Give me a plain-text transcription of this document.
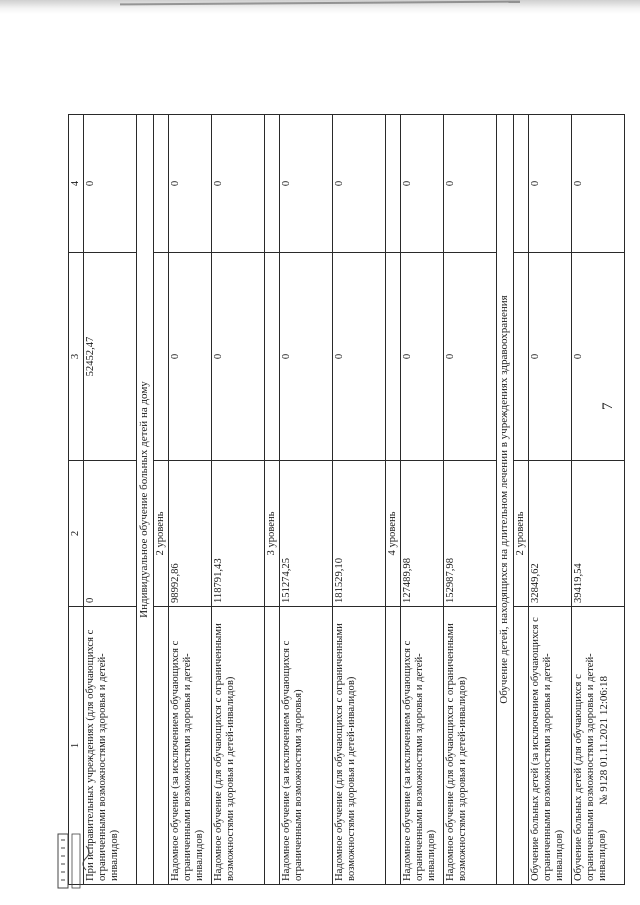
7
1	2	3	4
При исправительных учреждениях (для обучающихся с ограниченными возможностями здоровья и детей-инвалидов)	0	52452,47	0
Индивидуальное обучение больных детей на дому			
	2 уровень		
Надомное обучение (за исключением обучающихся с ограниченными возможностями здоровья и детей-инвалидов)	98992,86	0	0
Надомное обучение (для обучающихся с ограниченными возможностями здоровья и детей-инвалидов)	118791,43	0	0
	3 уровень		
Надомное обучение (за исключением обучающихся с ограниченными возможностями здоровья)	151274,25	0	0
Надомное обучение (для обучающихся с ограниченными возможностями здоровья и детей-инвалидов)	181529,10	0	0
	4 уровень		
Надомное обучение (за исключением обучающихся с ограниченными возможностями здоровья и детей-инвалидов)	127489,98	0	0
Надомное обучение (для обучающихся с ограниченными возможностями здоровья и детей-инвалидов)	152987,98	0	0
Обучение детей, находящихся на длительном лечении в учреждениях здравоохранения			
	2 уровень		
Обучение больных детей (за исключением обучающихся с ограниченными возможностями здоровья и детей-инвалидов)	32849,62	0	0
Обучение больных детей (для обучающихся с ограниченными возможностями здоровья и детей-инвалидов)	39419,54	0	0
№ 9128 01.11.2021 12:06:18
